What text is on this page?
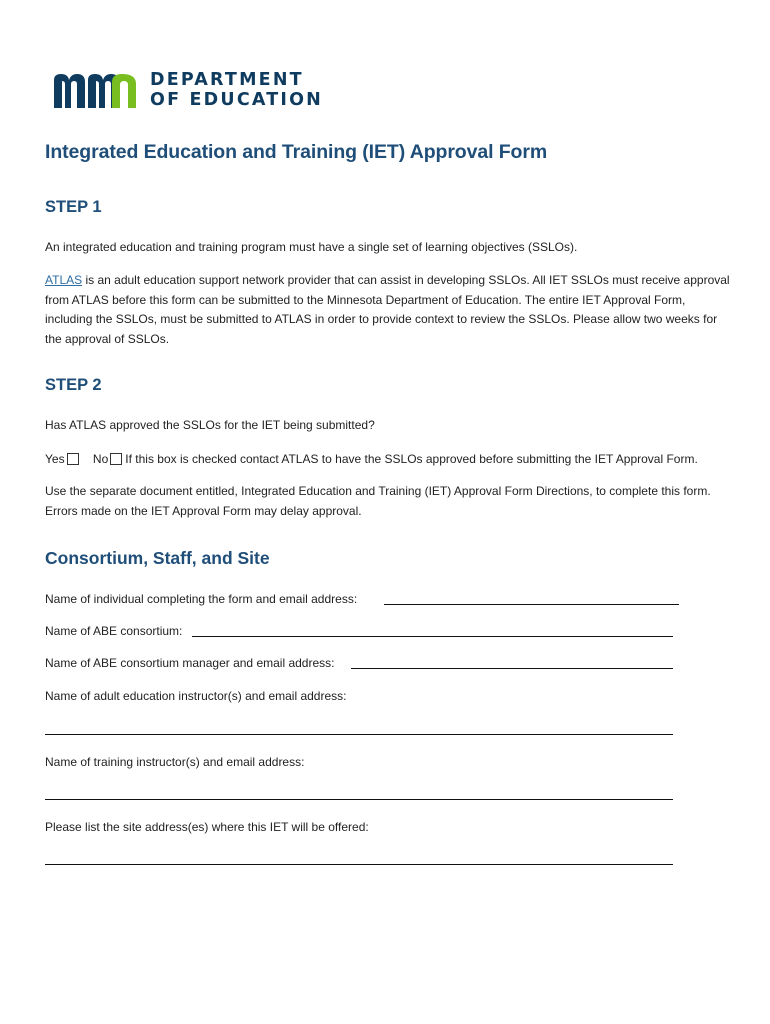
DEPARTMENT
OF EDUCATION
Integrated Education and Training (IET) Approval Form
STEP 1

An integrated education and training program must have a single set of learning objectives (SSLOs).

ATLAS is an adult education support network provider that can assist in developing SSLOs. All IET SSLOs must receive approval from ATLAS before this form can be submitted to the Minnesota Department of Education. The entire IET Approval Form, including the SSLOs, must be submitted to ATLAS in order to provide context to review the SSLOs. Please allow two weeks for the approval of SSLOs.

STEP 2

Has ATLAS approved the SSLOs for the IET being submitted?

Yes No If this box is checked contact ATLAS to have the SSLOs approved before submitting the IET Approval Form.

Use the separate document entitled, Integrated Education and Training (IET) Approval Form Directions, to complete this form. Errors made on the IET Approval Form may delay approval.

Consortium, Staff, and Site
Name of individual completing the form and email address:
Name of ABE consortium:
Name of ABE consortium manager and email address:
Name of adult education instructor(s) and email address:
Name of training instructor(s) and email address:
Please list the site address(es) where this IET will be offered:
